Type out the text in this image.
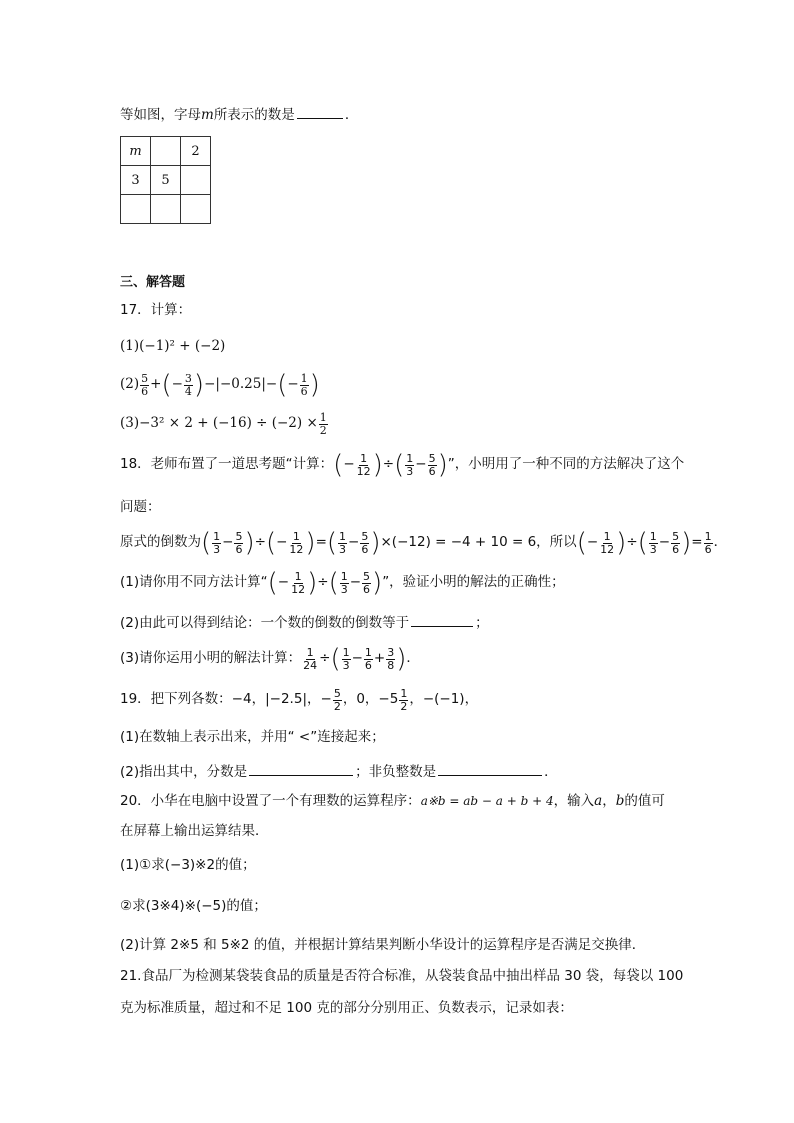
等如图，字母m所表示的数是	．
m		2
3	5	

三、解答题
17．计算：
(1)(−1)² + (−2)
$(2) \frac{5}{6}$ + ( − $\frac{3}{4}$ ) −| −0.25 | − ( − $\frac{1}{6}$ )
$(3)-3^2 \times 2 + (-16) \div (-2) \times \frac{1}{2}$
18．老师布置了一道思考题“计算： ( − $\frac{1}{12}$ ) ÷ ( $\frac{1}{3} - \frac{5}{6}$ ) ”，小明用了一种不同的方法解决了这个
问题：
原式的倒数为 ( $\frac{1}{3} - \frac{5}{6}$ ) ÷ ( − $\frac{1}{12}$ ) = ( $\frac{1}{3} - \frac{5}{6}$ ) ×(−12) = −4 + 10 = 6，所以 ( − $\frac{1}{12}$ ) ÷ ( $\frac{1}{3} - \frac{5}{6}$ ) = $\frac{1}{6}$ ．
(1)请你用不同方法计算“ ( − $\frac{1}{12}$ ) ÷ ( $\frac{1}{3} - \frac{5}{6}$ ) ”，验证小明的解法的正确性；
(2)由此可以得到结论：一个数的倒数的倒数等于	；
(3)请你运用小明的解法计算： $\frac{1}{24}$ ÷ ( $\frac{1}{3} - \frac{1}{6} + \frac{3}{8}$ ) ．
19．把下列各数：−4， |− 2.5 | ，− $\frac{5}{2}$ ，0，$-5 \frac{1}{2}$ ，−(−1)，
(1)在数轴上表示出来，并用“ <”连接起来；
(2)指出其中，分数是	；非负整数是	．
20．小华在电脑中设置了一个有理数的运算程序：a※b = ab − a + b + 4，输入a，b的值可
在屏幕上输出运算结果．
(1)①求(−3)※2的值；
②求(3※4)※(−5)的值；
(2)计算 2※5 和 5※2 的值，并根据计算结果判断小华设计的运算程序是否满足交换律．
21.食品厂为检测某袋装食品的质量是否符合标准，从袋装食品中抽出样品 30 袋，每袋以 100
克为标准质量，超过和不足 100 克的部分分别用正、负数表示，记录如表：
